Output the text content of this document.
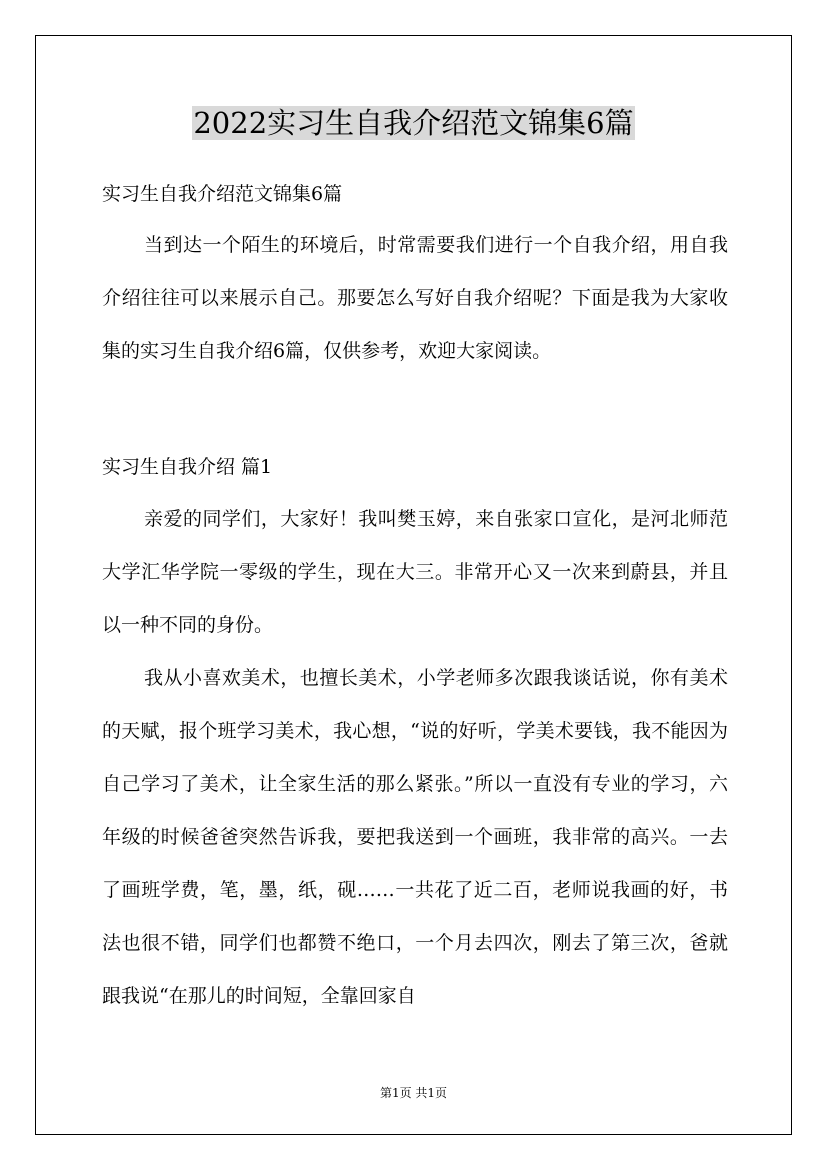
2022实习生自我介绍范文锦集6篇
实习生自我介绍范文锦集6篇

当到达一个陌生的环境后，时常需要我们进行一个自我介绍，用自我介绍往往可以来展示自己。那要怎么写好自我介绍呢？下面是我为大家收集的实习生自我介绍6篇，仅供参考，欢迎大家阅读。

实习生自我介绍 篇1

亲爱的同学们，大家好！我叫樊玉婷，来自张家口宣化，是河北师范大学汇华学院一零级的学生，现在大三。非常开心又一次来到蔚县，并且以一种不同的身份。

我从小喜欢美术，也擅长美术，小学老师多次跟我谈话说，你有美术的天赋，报个班学习美术，我心想，“说的好听，学美术要钱，我不能因为自己学习了美术，让全家生活的那么紧张。”所以一直没有专业的学习，六年级的时候爸爸突然告诉我，要把我送到一个画班，我非常的高兴。一去了画班学费，笔，墨，纸，砚……一共花了近二百，老师说我画的好，书法也很不错，同学们也都赞不绝口，一个月去四次，刚去了第三次，爸就跟我说“在那儿的时间短，全靠回家自

第1页 共1页
